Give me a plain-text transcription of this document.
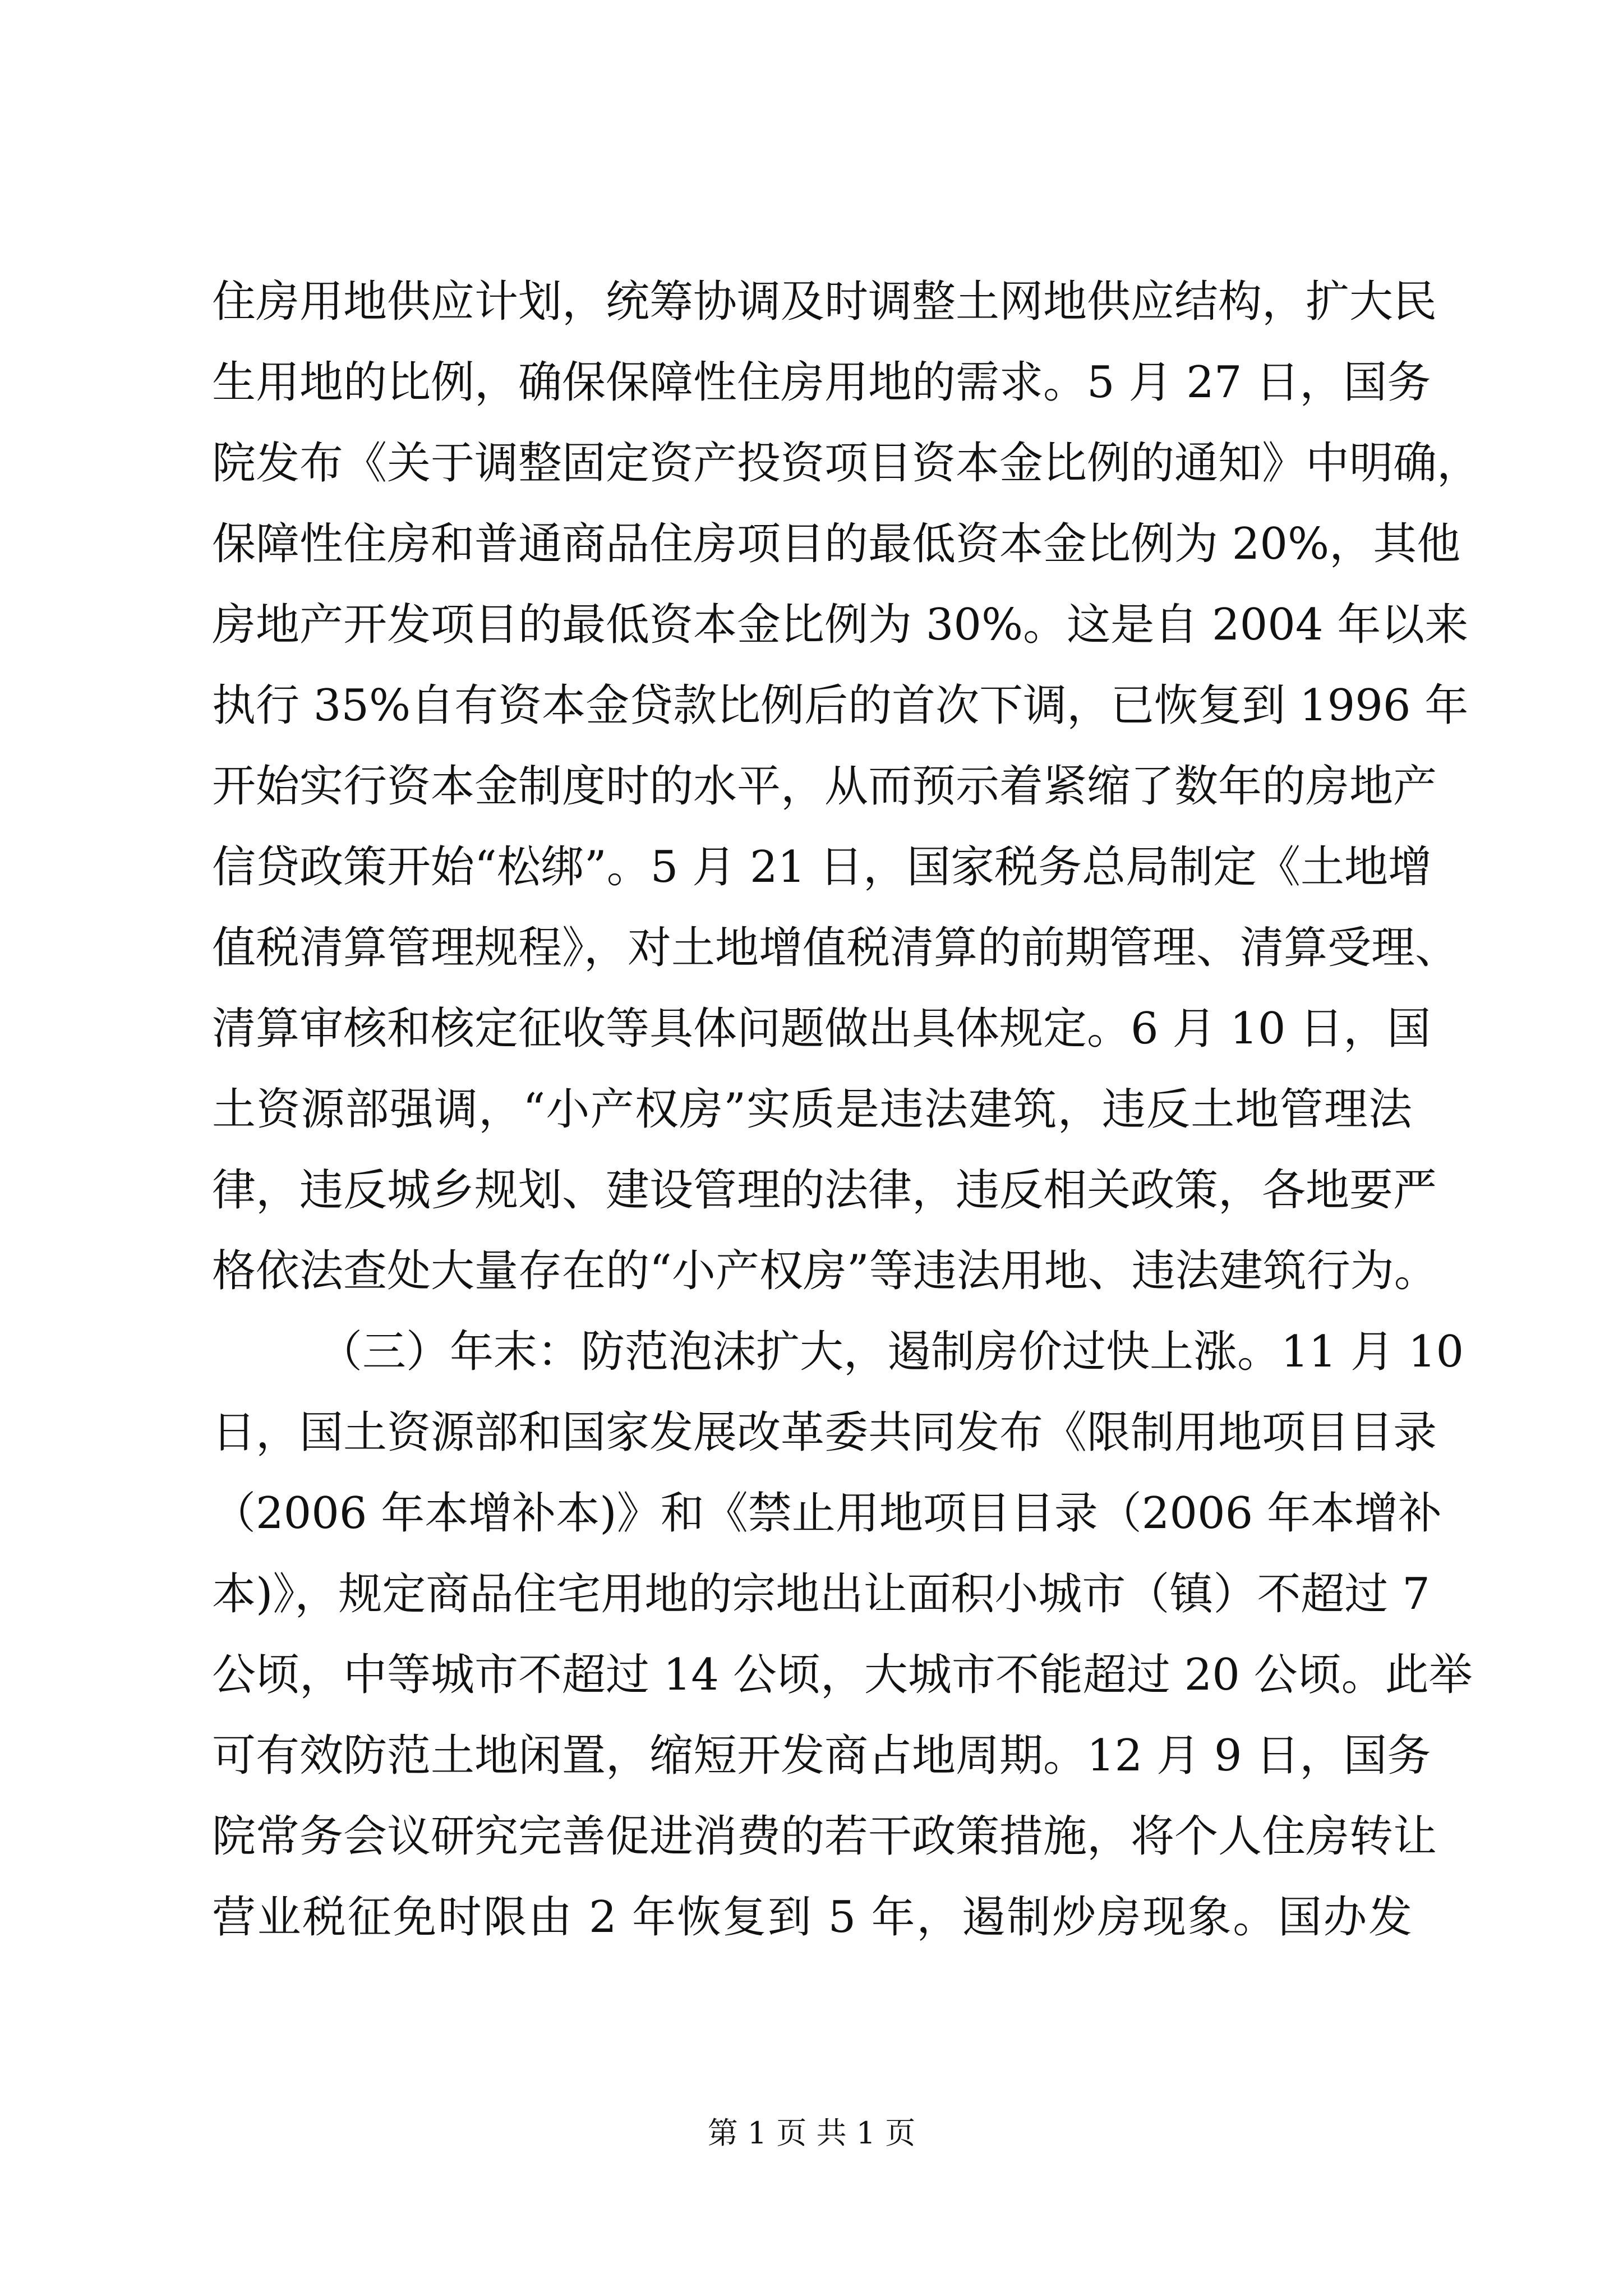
住房用地供应计划，统筹协调及时调整土网地供应结构，扩大民
生用地的比例，确保保障性住房用地的需求。5 月 27 日，国务
院发布《关于调整固定资产投资项目资本金比例的通知》中明确，
保障性住房和普通商品住房项目的最低资本金比例为 20%，其他
房地产开发项目的最低资本金比例为 30%。这是自 2004 年以来
执行 35%自有资本金贷款比例后的首次下调，已恢复到 1996 年
开始实行资本金制度时的水平，从而预示着紧缩了数年的房地产
信贷政策开始“松绑”。5 月 21 日，国家税务总局制定《土地增
值税清算管理规程》，对土地增值税清算的前期管理、清算受理、
清算审核和核定征收等具体问题做出具体规定。6 月 10 日，国
土资源部强调，“小产权房”实质是违法建筑，违反土地管理法
律，违反城乡规划、建设管理的法律，违反相关政策，各地要严
格依法查处大量存在的“小产权房”等违法用地、违法建筑行为。
（三）年末：防范泡沫扩大，遏制房价过快上涨。11 月 10
日，国土资源部和国家发展改革委共同发布《限制用地项目目录
（2006 年本增补本)》和《禁止用地项目目录（2006 年本增补
本)》，规定商品住宅用地的宗地出让面积小城市（镇）不超过 7
公顷，中等城市不超过 14 公顷，大城市不能超过 20 公顷。此举
可有效防范土地闲置，缩短开发商占地周期。12 月 9 日，国务
院常务会议研究完善促进消费的若干政策措施，将个人住房转让
营业税征免时限由 2 年恢复到 5 年，遏制炒房现象。国办发
第 1 页 共 1 页
